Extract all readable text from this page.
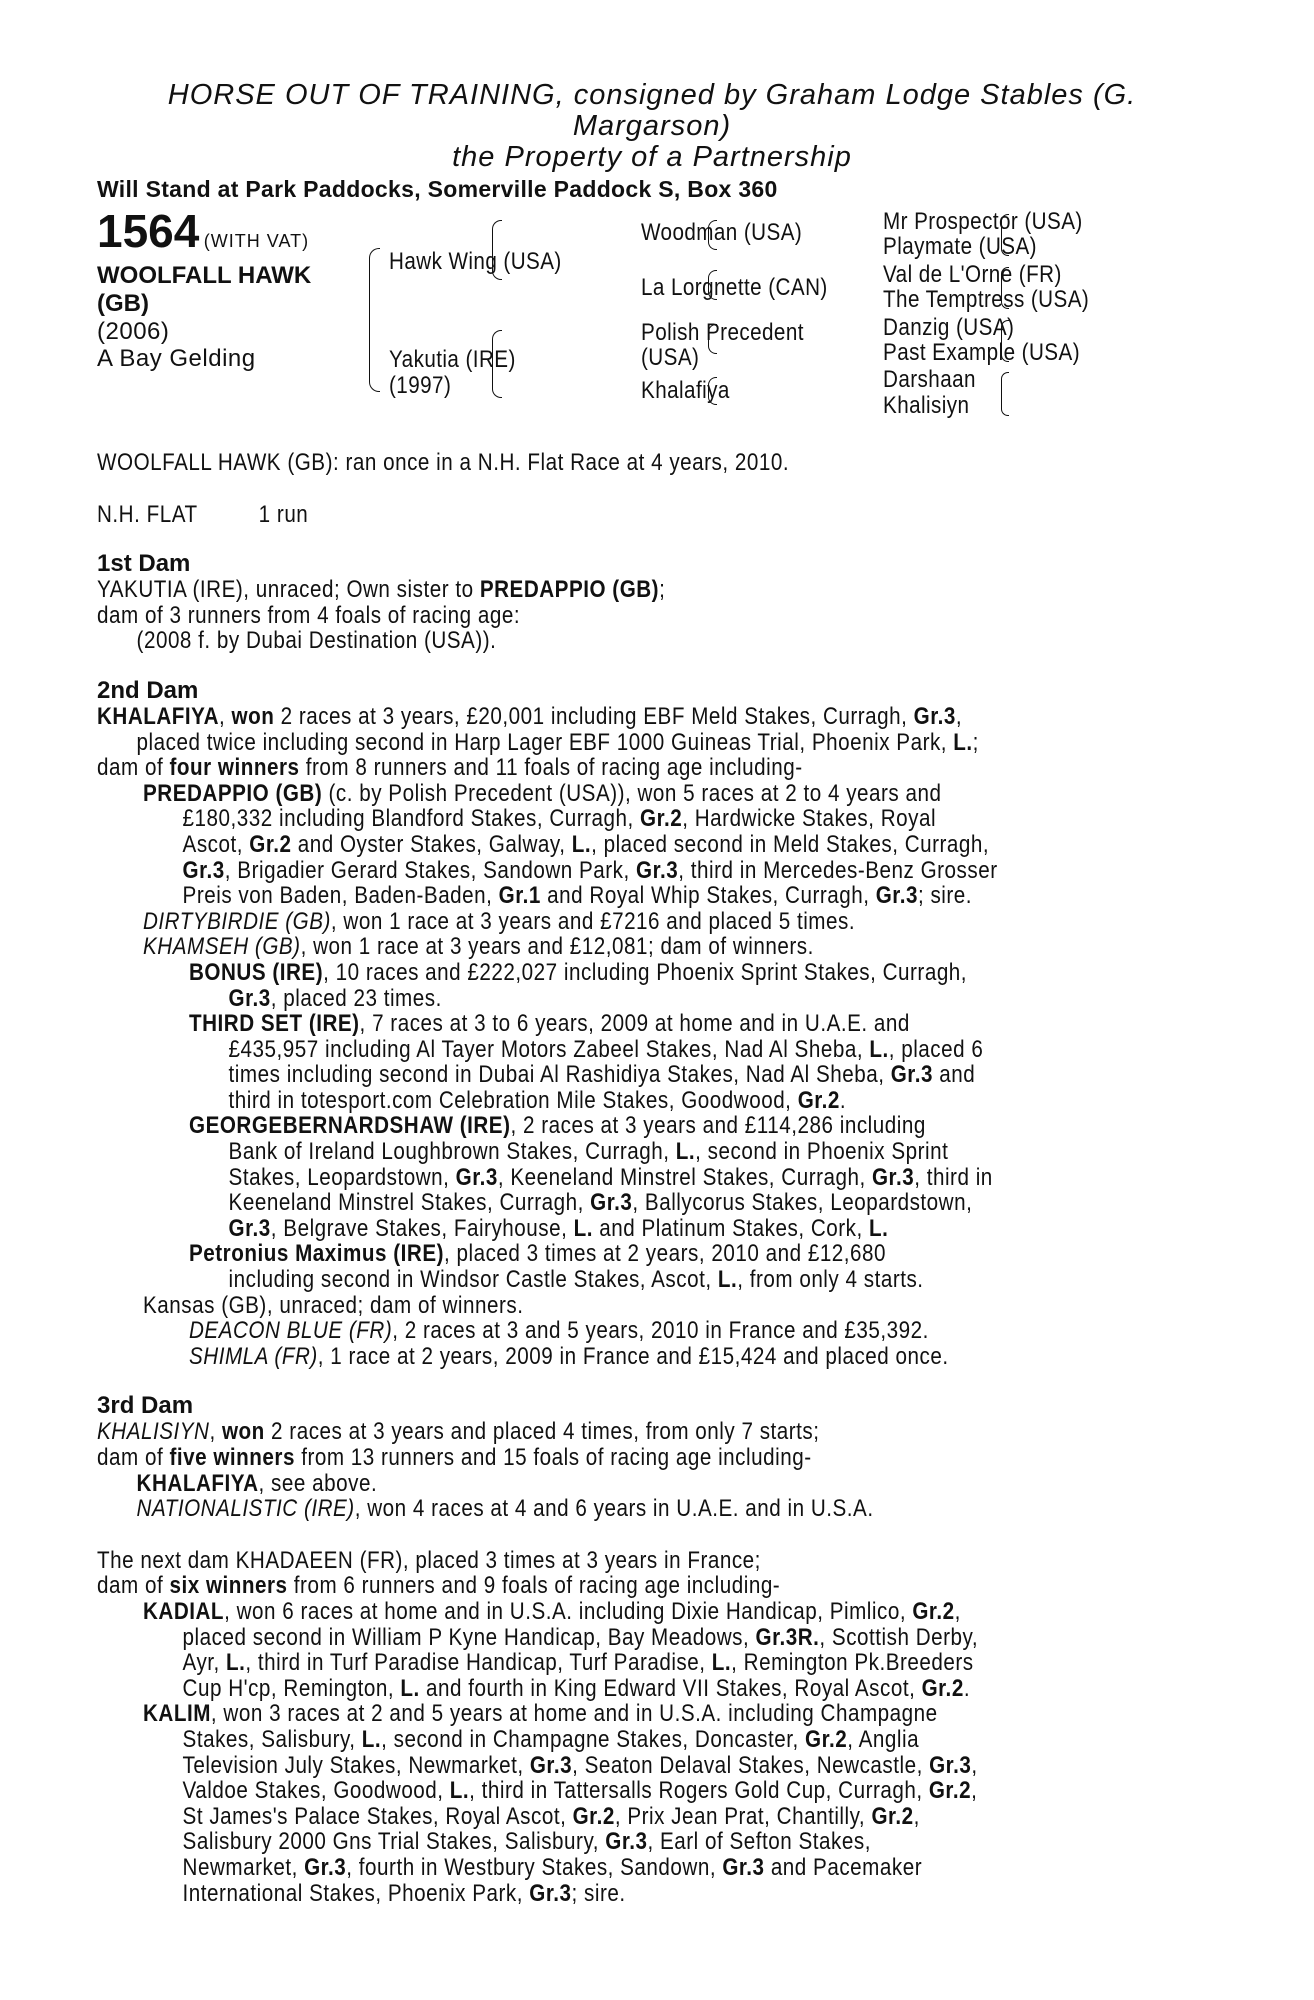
HORSE OUT OF TRAINING, consigned by Graham Lodge Stables (G.
Margarson)
the Property of a Partnership
Will Stand at Park Paddocks, Somerville Paddock S, Box 360
1564 (WITH VAT)
WOOLFALL HAWK
(GB)
(2006)
A Bay Gelding
Hawk Wing (USA)
Yakutia (IRE)
(1997)
Woodman (USA)
La Lorgnette (CAN)
Polish Precedent
(USA)
Khalafiya
Mr Prospector (USA)
Playmate (USA)
Val de L'Orne (FR)
The Temptress (USA)
Danzig (USA)
Past Example (USA)
Darshaan
Khalisiyn
WOOLFALL HAWK (GB): ran once in a N.H. Flat Race at 4 years, 2010.
N.H. FLAT	1 run
1st Dam
YAKUTIA (IRE), unraced; Own sister to PREDAPPIO (GB);
dam of 3 runners from 4 foals of racing age:
(2008 f. by Dubai Destination (USA)).
2nd Dam
KHALAFIYA, won 2 races at 3 years, £20,001 including EBF Meld Stakes, Curragh, Gr.3,
placed twice including second in Harp Lager EBF 1000 Guineas Trial, Phoenix Park, L.;
dam of four winners from 8 runners and 11 foals of racing age including-
PREDAPPIO (GB) (c. by Polish Precedent (USA)), won 5 races at 2 to 4 years and
£180,332 including Blandford Stakes, Curragh, Gr.2, Hardwicke Stakes, Royal
Ascot, Gr.2 and Oyster Stakes, Galway, L., placed second in Meld Stakes, Curragh,
Gr.3, Brigadier Gerard Stakes, Sandown Park, Gr.3, third in Mercedes-Benz Grosser
Preis von Baden, Baden-Baden, Gr.1 and Royal Whip Stakes, Curragh, Gr.3; sire.
DIRTYBIRDIE (GB), won 1 race at 3 years and £7216 and placed 5 times.
KHAMSEH (GB), won 1 race at 3 years and £12,081; dam of winners.
BONUS (IRE), 10 races and £222,027 including Phoenix Sprint Stakes, Curragh,
Gr.3, placed 23 times.
THIRD SET (IRE), 7 races at 3 to 6 years, 2009 at home and in U.A.E. and
£435,957 including Al Tayer Motors Zabeel Stakes, Nad Al Sheba, L., placed 6
times including second in Dubai Al Rashidiya Stakes, Nad Al Sheba, Gr.3 and
third in totesport.com Celebration Mile Stakes, Goodwood, Gr.2.
GEORGEBERNARDSHAW (IRE), 2 races at 3 years and £114,286 including
Bank of Ireland Loughbrown Stakes, Curragh, L., second in Phoenix Sprint
Stakes, Leopardstown, Gr.3, Keeneland Minstrel Stakes, Curragh, Gr.3, third in
Keeneland Minstrel Stakes, Curragh, Gr.3, Ballycorus Stakes, Leopardstown,
Gr.3, Belgrave Stakes, Fairyhouse, L. and Platinum Stakes, Cork, L.
Petronius Maximus (IRE), placed 3 times at 2 years, 2010 and £12,680
including second in Windsor Castle Stakes, Ascot, L., from only 4 starts.
Kansas (GB), unraced; dam of winners.
DEACON BLUE (FR), 2 races at 3 and 5 years, 2010 in France and £35,392.
SHIMLA (FR), 1 race at 2 years, 2009 in France and £15,424 and placed once.
3rd Dam
KHALISIYN, won 2 races at 3 years and placed 4 times, from only 7 starts;
dam of five winners from 13 runners and 15 foals of racing age including-
KHALAFIYA, see above.
NATIONALISTIC (IRE), won 4 races at 4 and 6 years in U.A.E. and in U.S.A.
The next dam KHADAEEN (FR), placed 3 times at 3 years in France;
dam of six winners from 6 runners and 9 foals of racing age including-
KADIAL, won 6 races at home and in U.S.A. including Dixie Handicap, Pimlico, Gr.2,
placed second in William P Kyne Handicap, Bay Meadows, Gr.3R., Scottish Derby,
Ayr, L., third in Turf Paradise Handicap, Turf Paradise, L., Remington Pk.Breeders
Cup H'cp, Remington, L. and fourth in King Edward VII Stakes, Royal Ascot, Gr.2.
KALIM, won 3 races at 2 and 5 years at home and in U.S.A. including Champagne
Stakes, Salisbury, L., second in Champagne Stakes, Doncaster, Gr.2, Anglia
Television July Stakes, Newmarket, Gr.3, Seaton Delaval Stakes, Newcastle, Gr.3,
Valdoe Stakes, Goodwood, L., third in Tattersalls Rogers Gold Cup, Curragh, Gr.2,
St James's Palace Stakes, Royal Ascot, Gr.2, Prix Jean Prat, Chantilly, Gr.2,
Salisbury 2000 Gns Trial Stakes, Salisbury, Gr.3, Earl of Sefton Stakes,
Newmarket, Gr.3, fourth in Westbury Stakes, Sandown, Gr.3 and Pacemaker
International Stakes, Phoenix Park, Gr.3; sire.
